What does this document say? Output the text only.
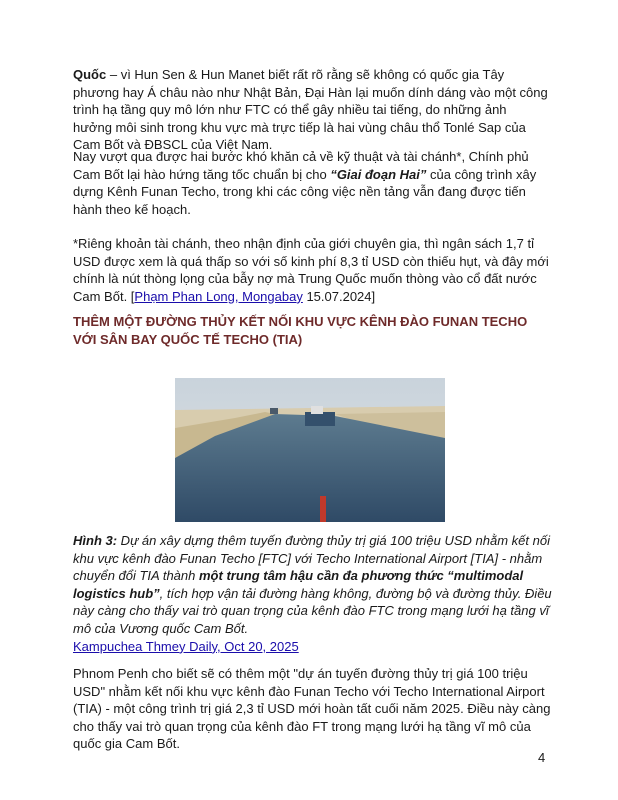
Quốc – vì Hun Sen & Hun Manet biết rất rõ rằng sẽ không có quốc gia Tây phương hay Á châu nào như Nhật Bản, Đại Hàn lại muốn dính dáng vào một công trình hạ tầng quy mô lớn như FTC có thể gây nhiều tai tiếng, do những ảnh hưởng môi sinh trong khu vực mà trực tiếp là hai vùng châu thổ Tonlé Sap của Cam Bốt và ĐBSCL của Việt Nam.

Nay vượt qua được hai bước khó khăn cả về kỹ thuật và tài chánh*, Chính phủ Cam Bốt lại hào hứng tăng tốc chuẩn bị cho “Giai đoạn Hai” của công trình xây dựng Kênh Funan Techo, trong khi các công việc nền tảng vẫn đang được tiến hành theo kế hoạch.

*Riêng khoản tài chánh, theo nhận định của giới chuyên gia, thì ngân sách 1,7 tỉ USD được xem là quá thấp so với số kinh phí 8,3 tỉ USD còn thiếu hụt, và đây mới chính là nút thòng lọng của bẫy nợ mà Trung Quốc muốn thòng vào cổ đất nước Cam Bốt. [Phạm Phan Long, Mongabay 15.07.2024]

THÊM MỘT ĐƯỜNG THỦY KẾT NỐI KHU VỰC KÊNH ĐÀO FUNAN TECHO VỚI SÂN BAY QUỐC TẾ TECHO (TIA)

Hình 3: Dự án xây dựng thêm tuyến đường thủy trị giá 100 triệu USD nhằm kết nối khu vực kênh đào Funan Techo [FTC] với Techo International Airport [TIA] - nhằm chuyển đổi TIA thành một trung tâm hậu cần đa phương thức “multimodal logistics hub”, tích hợp vận tải đường hàng không, đường bộ và đường thủy. Điều này càng cho thấy vai trò quan trọng của kênh đào FTC trong mạng lưới hạ tầng vĩ mô của Vương quốc Cam Bốt.
Kampuchea Thmey Daily, Oct 20, 2025

Phnom Penh cho biết sẽ có thêm một "dự án tuyến đường thủy trị giá 100 triệu USD" nhằm kết nối khu vực kênh đào Funan Techo với Techo International Airport (TIA) - một công trình trị giá 2,3 tỉ USD mới hoàn tất cuối năm 2025. Điều này càng cho thấy vai trò quan trọng của kênh đào FT trong mạng lưới hạ tầng vĩ mô của quốc gia Cam Bốt.

4
